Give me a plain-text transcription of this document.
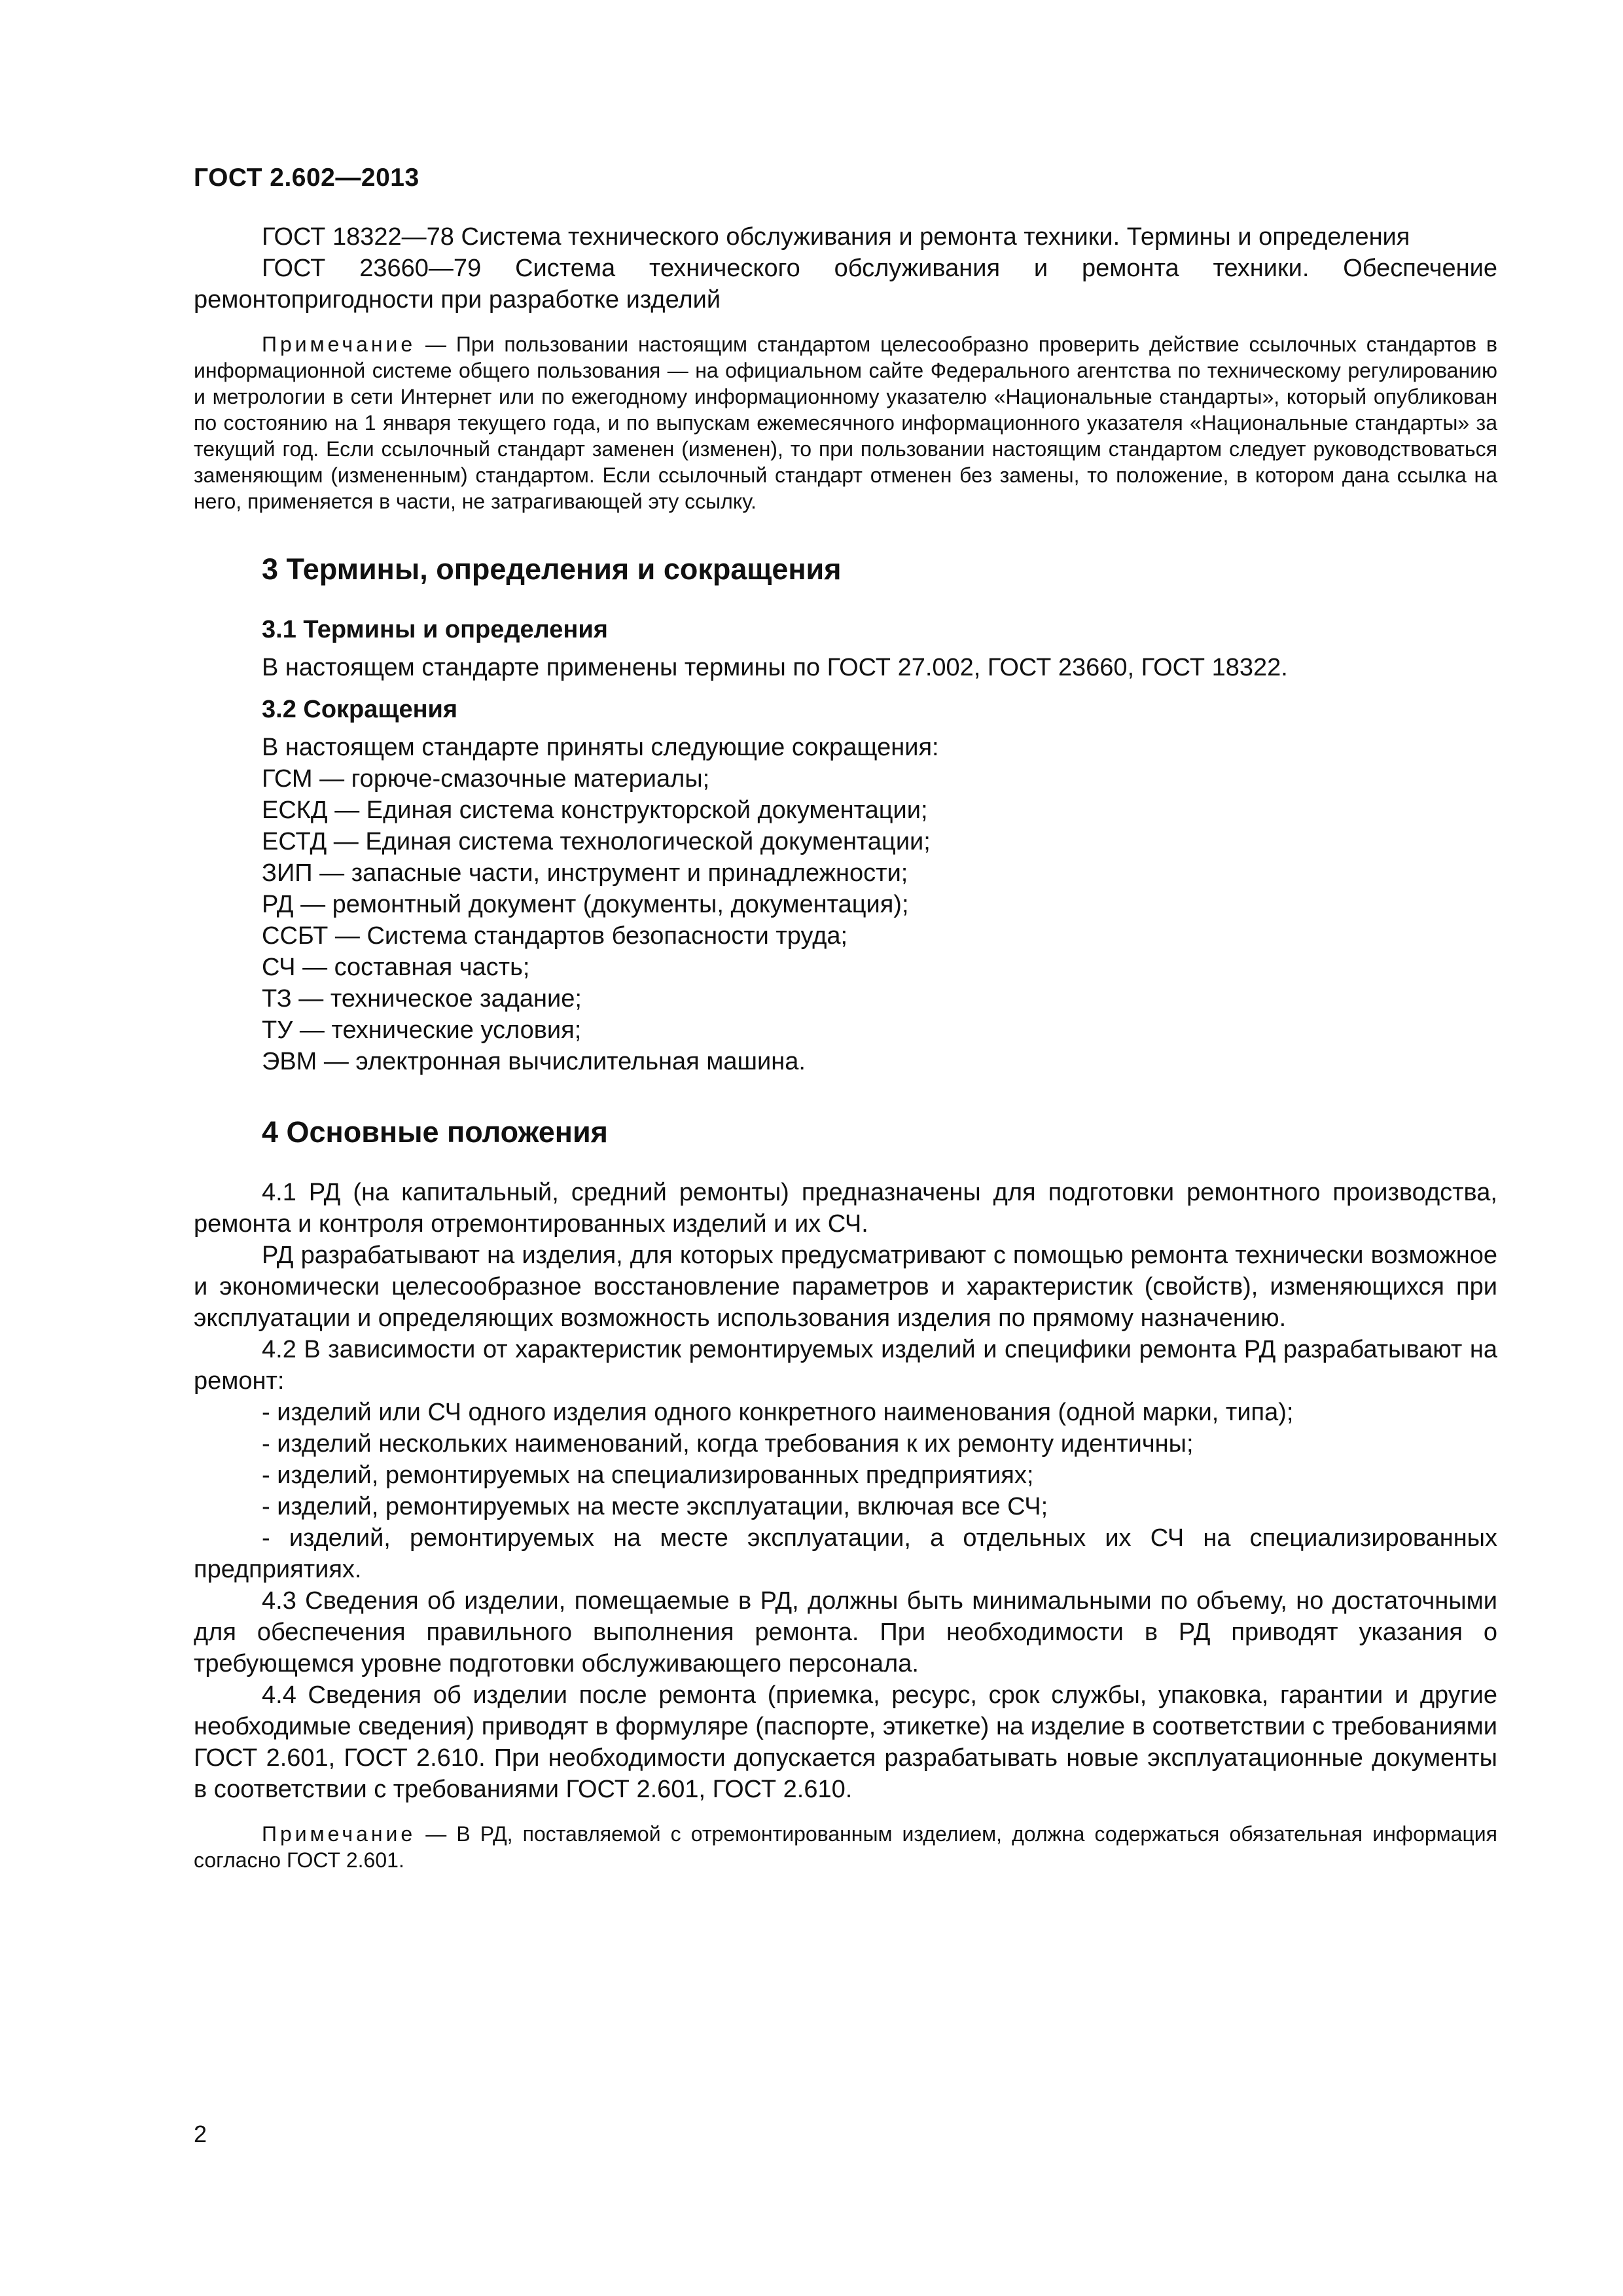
ГОСТ 2.602—2013

ГОСТ 18322—78 Система технического обслуживания и ремонта техники. Термины и определения

ГОСТ 23660—79 Система технического обслуживания и ремонта техники. Обеспечение ремонтопригодности при разработке изделий

Примечание — При пользовании настоящим стандартом целесообразно проверить действие ссылочных стандартов в информационной системе общего пользования — на официальном сайте Федерального агентства по техническому регулированию и метрологии в сети Интернет или по ежегодному информационному указателю «Национальные стандарты», который опубликован по состоянию на 1 января текущего года, и по выпускам ежемесячного информационного указателя «Национальные стандарты» за текущий год. Если ссылочный стандарт заменен (изменен), то при пользовании настоящим стандартом следует руководствоваться заменяющим (измененным) стандартом. Если ссылочный стандарт отменен без замены, то положение, в котором дана ссылка на него, применяется в части, не затрагивающей эту ссылку.

3 Термины, определения и сокращения
3.1 Термины и определения

В настоящем стандарте применены термины по ГОСТ 27.002, ГОСТ 23660, ГОСТ 18322.

3.2 Сокращения

В настоящем стандарте приняты следующие сокращения:

ГСМ — горюче-смазочные материалы;

ЕСКД — Единая система конструкторской документации;

ЕСТД — Единая система технологической документации;

ЗИП — запасные части, инструмент и принадлежности;

РД — ремонтный документ (документы, документация);

ССБТ — Система стандартов безопасности труда;

СЧ — составная часть;

ТЗ — техническое задание;

ТУ — технические условия;

ЭВМ — электронная вычислительная машина.

4 Основные положения

4.1 РД (на капитальный, средний ремонты) предназначены для подготовки ремонтного производства, ремонта и контроля отремонтированных изделий и их СЧ.

РД разрабатывают на изделия, для которых предусматривают с помощью ремонта технически возможное и экономически целесообразное восстановление параметров и характеристик (свойств), изменяющихся при эксплуатации и определяющих возможность использования изделия по прямому назначению.

4.2 В зависимости от характеристик ремонтируемых изделий и специфики ремонта РД разрабатывают на ремонт:

- изделий или СЧ одного изделия одного конкретного наименования (одной марки, типа);

- изделий нескольких наименований, когда требования к их ремонту идентичны;

- изделий, ремонтируемых на специализированных предприятиях;

- изделий, ремонтируемых на месте эксплуатации, включая все СЧ;

- изделий, ремонтируемых на месте эксплуатации, а отдельных их СЧ на специализированных предприятиях.

4.3 Сведения об изделии, помещаемые в РД, должны быть минимальными по объему, но достаточными для обеспечения правильного выполнения ремонта. При необходимости в РД приводят указания о требующемся уровне подготовки обслуживающего персонала.

4.4 Сведения об изделии после ремонта (приемка, ресурс, срок службы, упаковка, гарантии и другие необходимые сведения) приводят в формуляре (паспорте, этикетке) на изделие в соответствии с требованиями ГОСТ 2.601, ГОСТ 2.610. При необходимости допускается разрабатывать новые эксплуатационные документы в соответствии с требованиями ГОСТ 2.601, ГОСТ 2.610.

Примечание — В РД, поставляемой с отремонтированным изделием, должна содержаться обязательная информация согласно ГОСТ 2.601.

2
